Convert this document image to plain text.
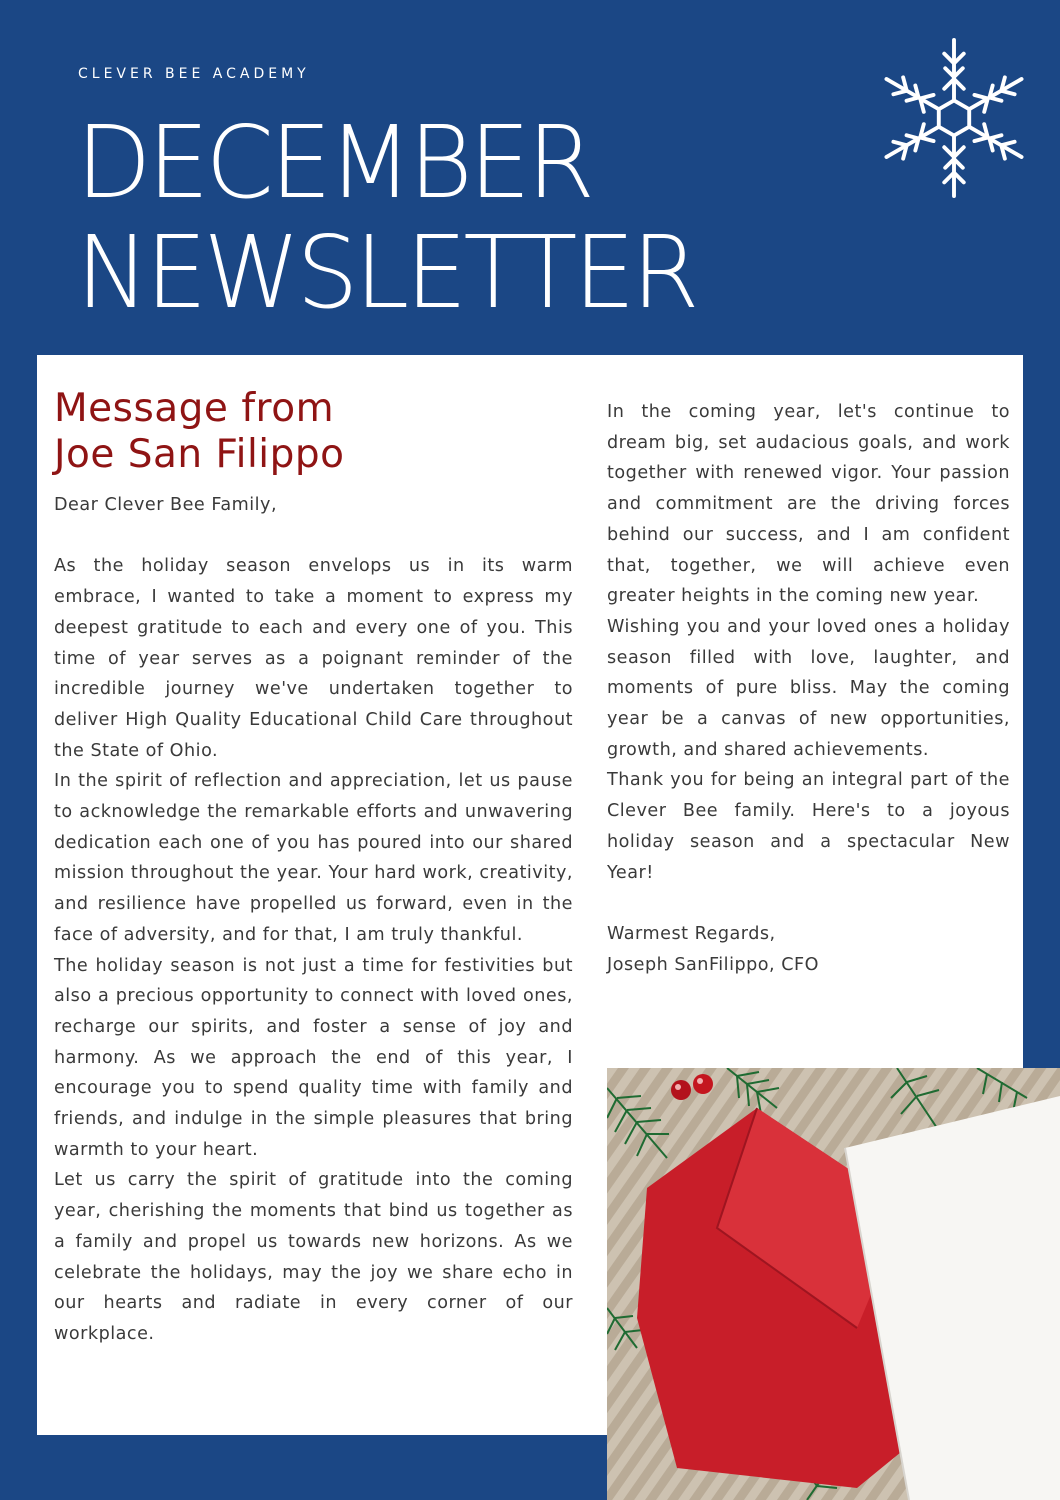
CLEVER BEE ACADEMY
DECEMBER
NEWSLETTER
Message from
Joe San Filippo

Dear Clever Bee Family,

As the holiday season envelops us in its warm embrace, I wanted to take a moment to express my deepest gratitude to each and every one of you. This time of year serves as a poignant reminder of the incredible journey we've undertaken together to deliver High Quality Educational Child Care throughout the State of Ohio.

In the spirit of reflection and appreciation, let us pause to acknowledge the remarkable efforts and unwavering dedication each one of you has poured into our shared mission throughout the year. Your hard work, creativity, and resilience have propelled us forward, even in the face of adversity, and for that, I am truly thankful.

The holiday season is not just a time for festivities but also a precious opportunity to connect with loved ones, recharge our spirits, and foster a sense of joy and harmony. As we approach the end of this year, I encourage you to spend quality time with family and friends, and indulge in the simple pleasures that bring warmth to your heart.

Let us carry the spirit of gratitude into the coming year, cherishing the moments that bind us together as a family and propel us towards new horizons. As we celebrate the holidays, may the joy we share echo in our hearts and radiate in every corner of our workplace.

In the coming year, let's continue to dream big, set audacious goals, and work together with renewed vigor. Your passion and commitment are the driving forces behind our success, and I am confident that, together, we will achieve even greater heights in the coming new year.

Wishing you and your loved ones a holiday season filled with love, laughter, and moments of pure bliss. May the coming year be a canvas of new opportunities, growth, and shared achievements.

Thank you for being an integral part of the Clever Bee family. Here's to a joyous holiday season and a spectacular New Year!

Warmest Regards,

Joseph SanFilippo, CFO
